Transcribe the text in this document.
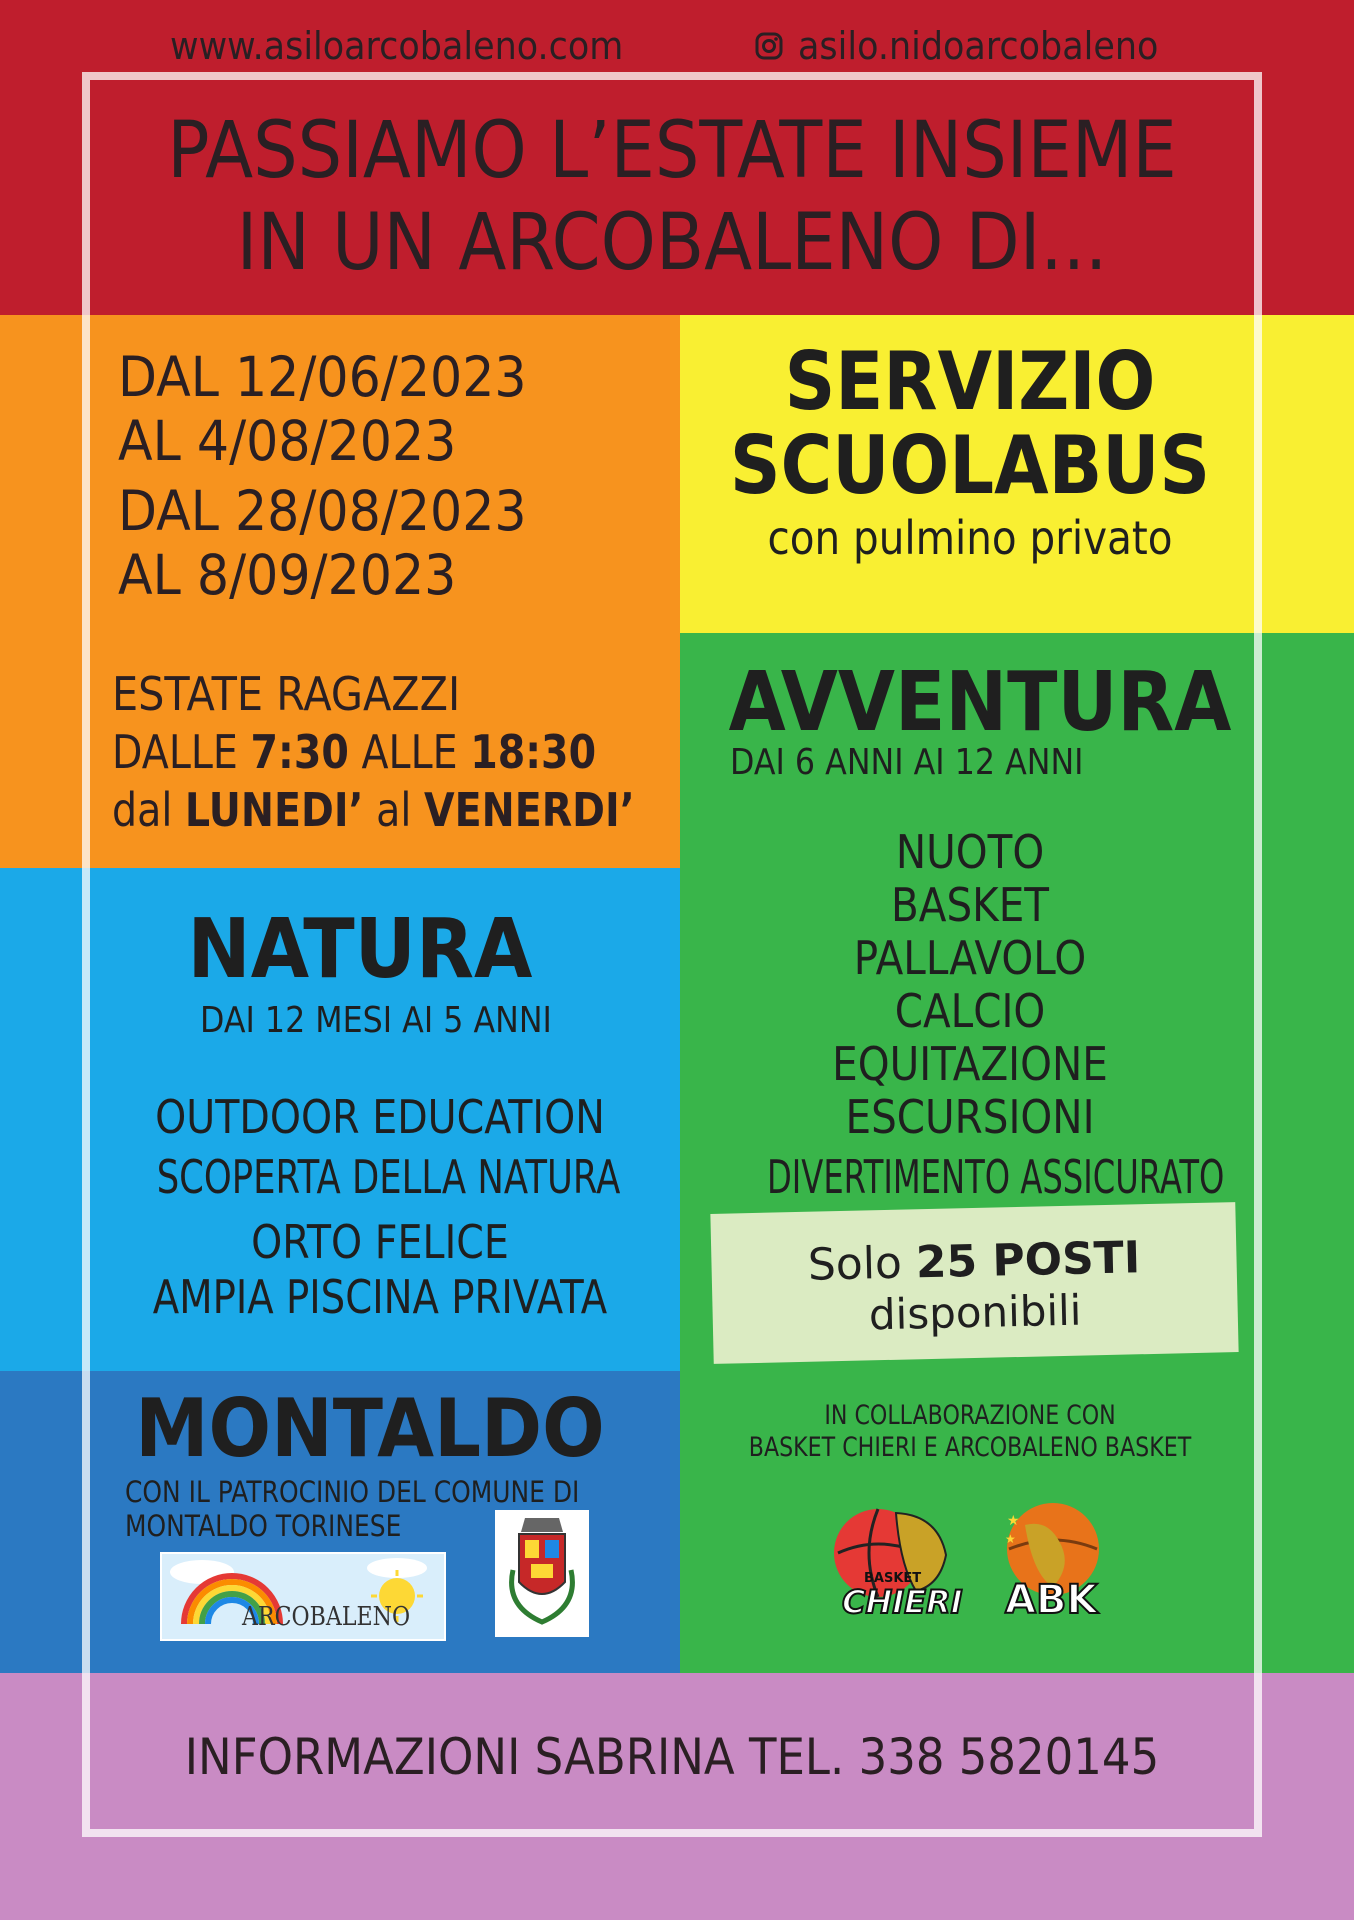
www.asiloarcobaleno.com	asilo.nidoarcobaleno
PASSIAMO L’ESTATE INSIEME
IN UN ARCOBALENO DI...
DAL 12/06/2023
AL 4/08/2023
DAL 28/08/2023
AL 8/09/2023
ESTATE RAGAZZI
DALLE 7:30 ALLE 18:30
dal LUNEDI’ al VENERDI’
SERVIZIO
SCUOLABUS
con pulmino privato
AVVENTURA
DAI 6 ANNI AI 12 ANNI
NUOTO
BASKET
PALLAVOLO
CALCIO
EQUITAZIONE
ESCURSIONI
DIVERTIMENTO ASSICURATO
Solo 25 POSTI
disponibili
NATURA
DAI 12 MESI AI 5 ANNI
OUTDOOR EDUCATION
SCOPERTA DELLA NATURA
ORTO FELICE
AMPIA PISCINA PRIVATA
MONTALDO
CON IL PATROCINIO DEL COMUNE DI
MONTALDO TORINESE
ARCOBALENO
IN COLLABORAZIONE CON
BASKET CHIERI E ARCOBALENO BASKET
BASKET
CHIERI
★
★
ABK
INFORMAZIONI SABRINA TEL. 338 5820145
